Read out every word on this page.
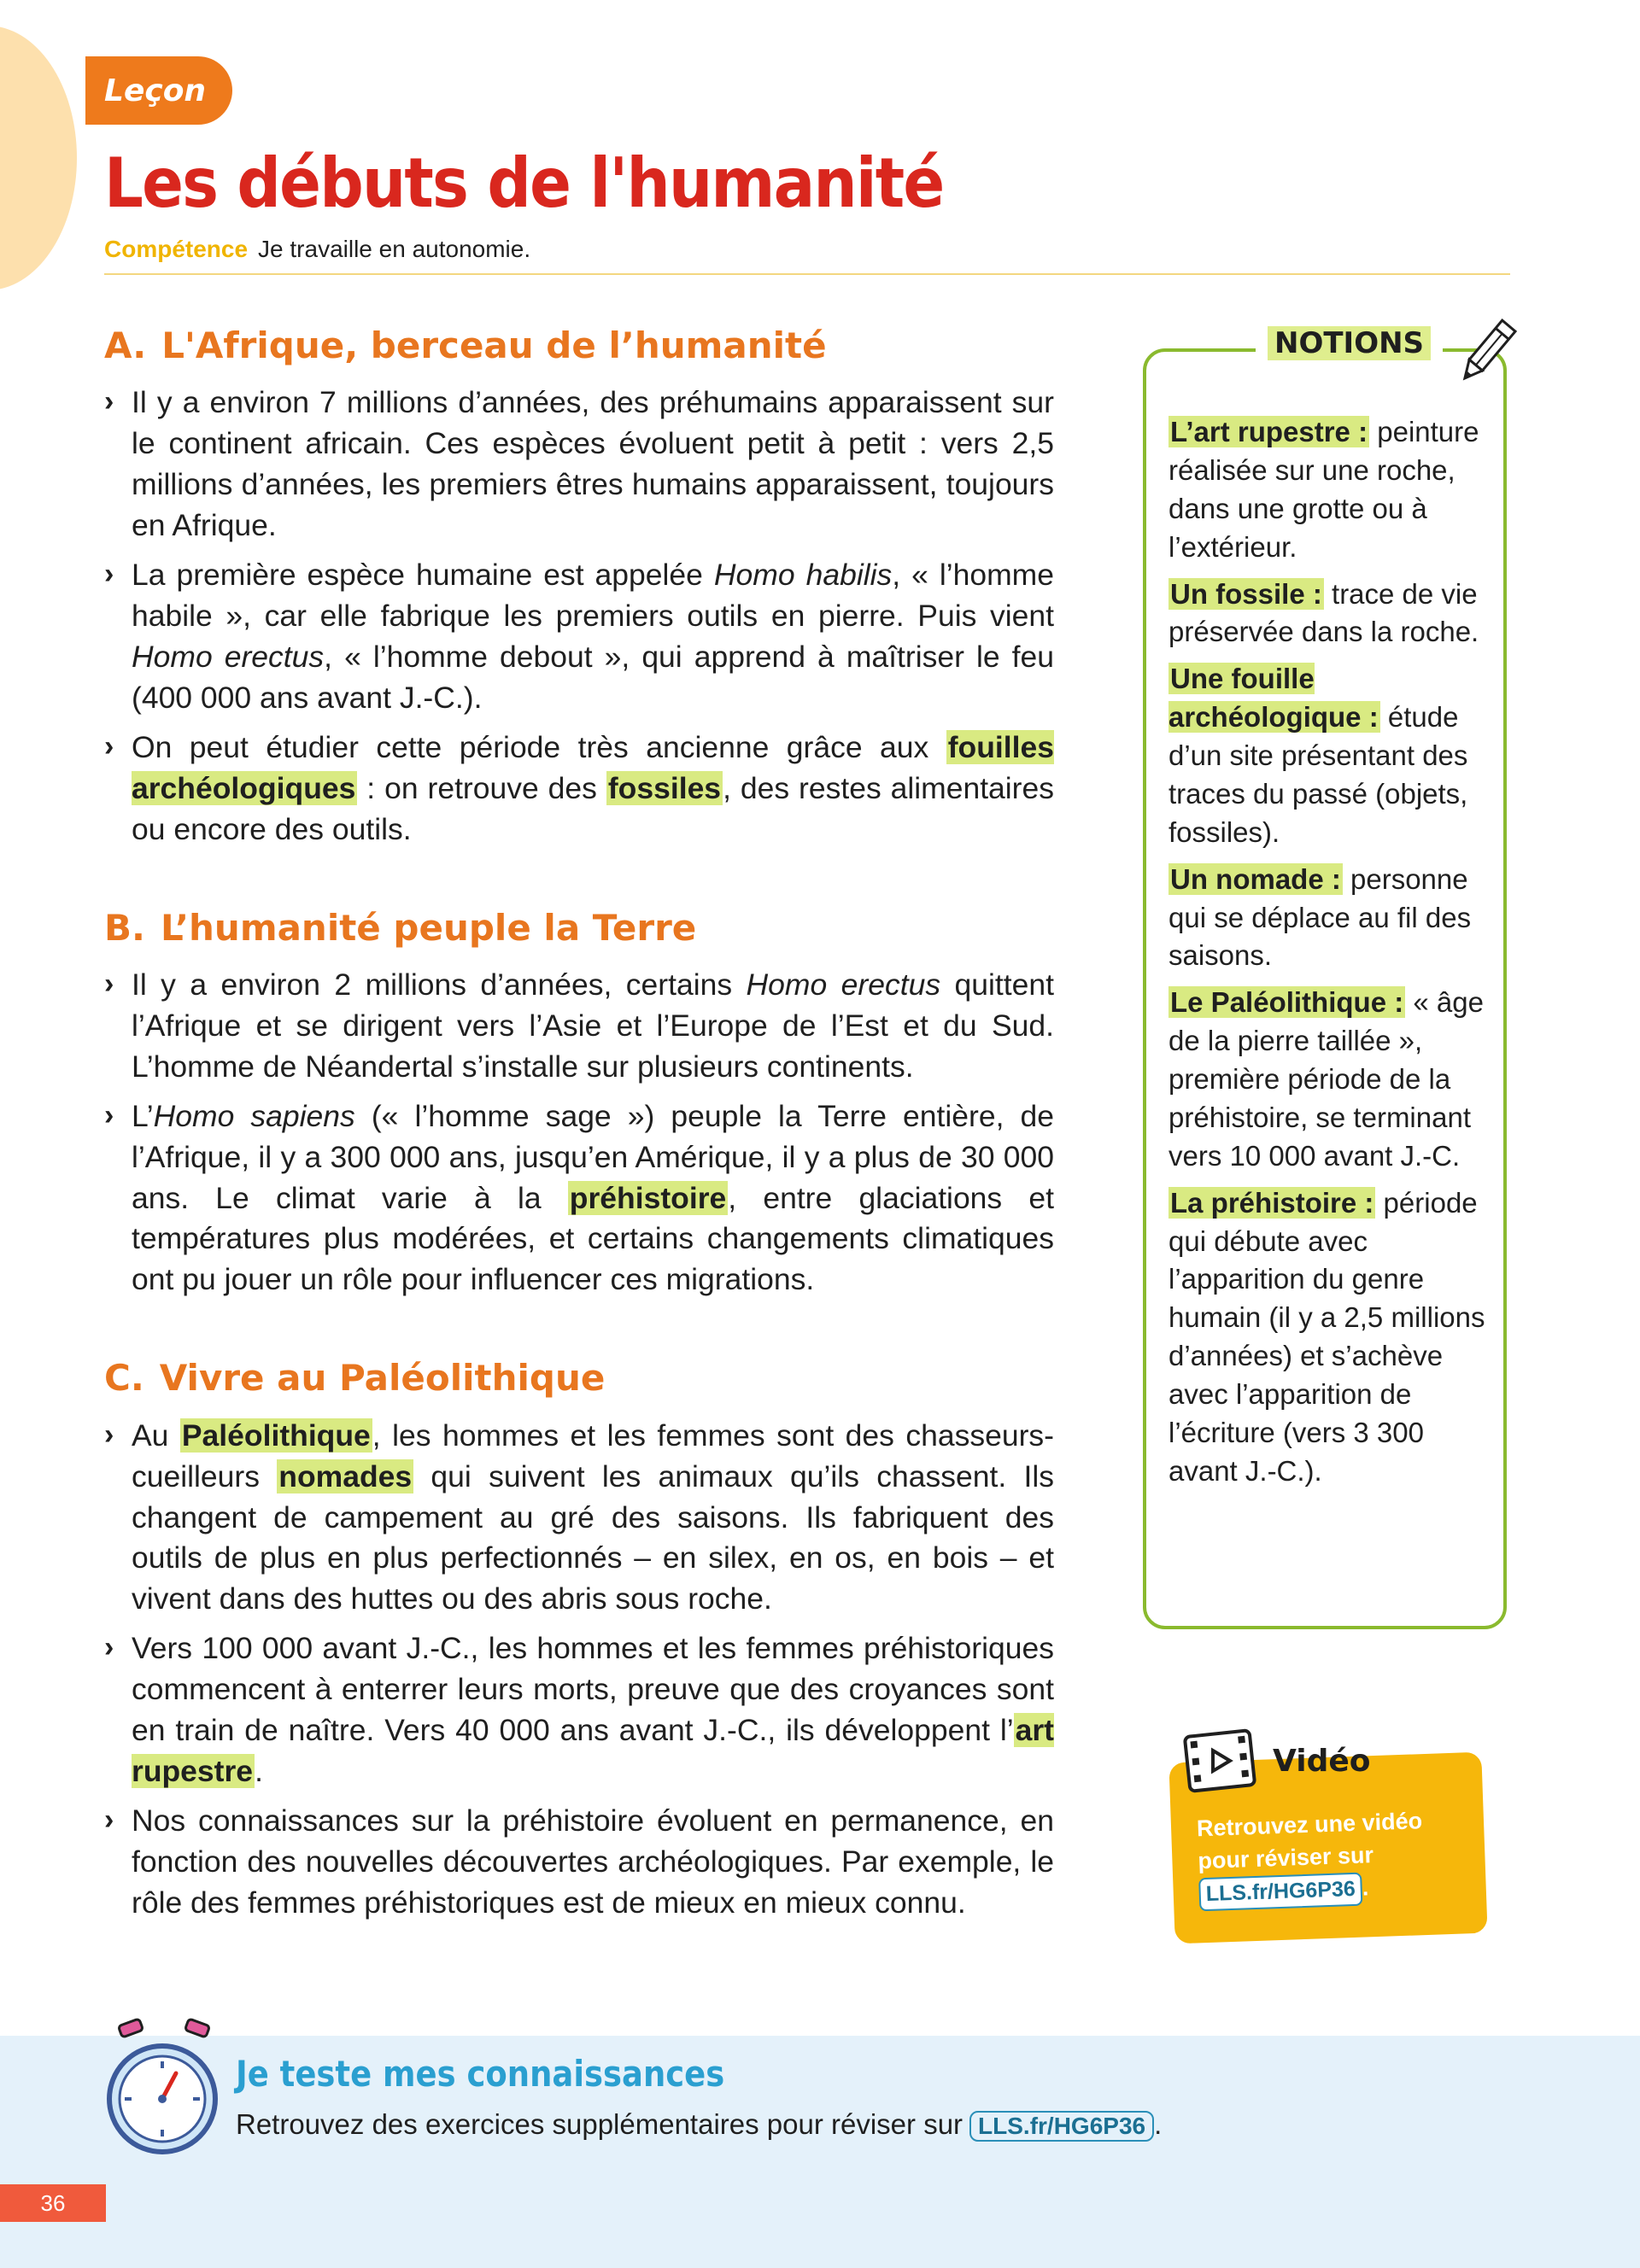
Leçon
Les débuts de l'humanité
Compétence Je travaille en autonomie.
A. L'Afrique, berceau de l’humanité

› Il y a environ 7 millions d’années, des préhumains apparaissent sur le continent africain. Ces espèces évoluent petit à petit : vers 2,5 millions d’années, les premiers êtres humains apparaissent, toujours en Afrique.

› La première espèce humaine est appelée Homo habilis, « l’homme habile », car elle fabrique les premiers outils en pierre. Puis vient Homo erectus, « l’homme debout », qui apprend à maîtriser le feu (400 000 ans avant J.-C.).

› On peut étudier cette période très ancienne grâce aux fouilles archéologiques : on retrouve des fossiles, des restes alimentaires ou encore des outils.

B. L’humanité peuple la Terre

› Il y a environ 2 millions d’années, certains Homo erectus quittent l’Afrique et se dirigent vers l’Asie et l’Europe de l’Est et du Sud. L’homme de Néandertal s’installe sur plusieurs continents.

› L’Homo sapiens (« l’homme sage ») peuple la Terre entière, de l’Afrique, il y a 300 000 ans, jusqu’en Amérique, il y a plus de 30 000 ans. Le climat varie à la préhistoire, entre glaciations et températures plus modérées, et certains changements climatiques ont pu jouer un rôle pour influencer ces migrations.

C. Vivre au Paléolithique

› Au Paléolithique, les hommes et les femmes sont des chasseurs-cueilleurs nomades qui suivent les animaux qu’ils chassent. Ils changent de campement au gré des saisons. Ils fabriquent des outils de plus en plus perfectionnés – en silex, en os, en bois – et vivent dans des huttes ou des abris sous roche.

› Vers 100 000 avant J.-C., les hommes et les femmes préhistoriques commencent à enterrer leurs morts, preuve que des croyances sont en train de naître. Vers 40 000 ans avant J.-C., ils développent l’art rupestre.

› Nos connaissances sur la préhistoire évoluent en permanence, en fonction des nouvelles découvertes archéologiques. Par exemple, le rôle des femmes préhistoriques est de mieux en mieux connu.

NOTIONS

L’art rupestre : peinture réalisée sur une roche, dans une grotte ou à l’extérieur.

Un fossile : trace de vie préservée dans la roche.

Une fouille archéologique : étude d’un site présentant des traces du passé (objets, fossiles).

Un nomade : personne qui se déplace au fil des saisons.

Le Paléolithique : « âge de la pierre taillée », première période de la préhistoire, se terminant vers 10 000 avant J.-C.

La préhistoire : période qui débute avec l’apparition du genre humain (il y a 2,5 millions d’années) et s’achève avec l’apparition de l’écriture (vers 3 300 avant J.-C.).

Retrouvez une vidéo pour réviser sur LLS.fr/HG6P36 .
Vidéo
Je teste mes connaissances
Retrouvez des exercices supplémentaires pour réviser sur LLS.fr/HG6P36 .
36
